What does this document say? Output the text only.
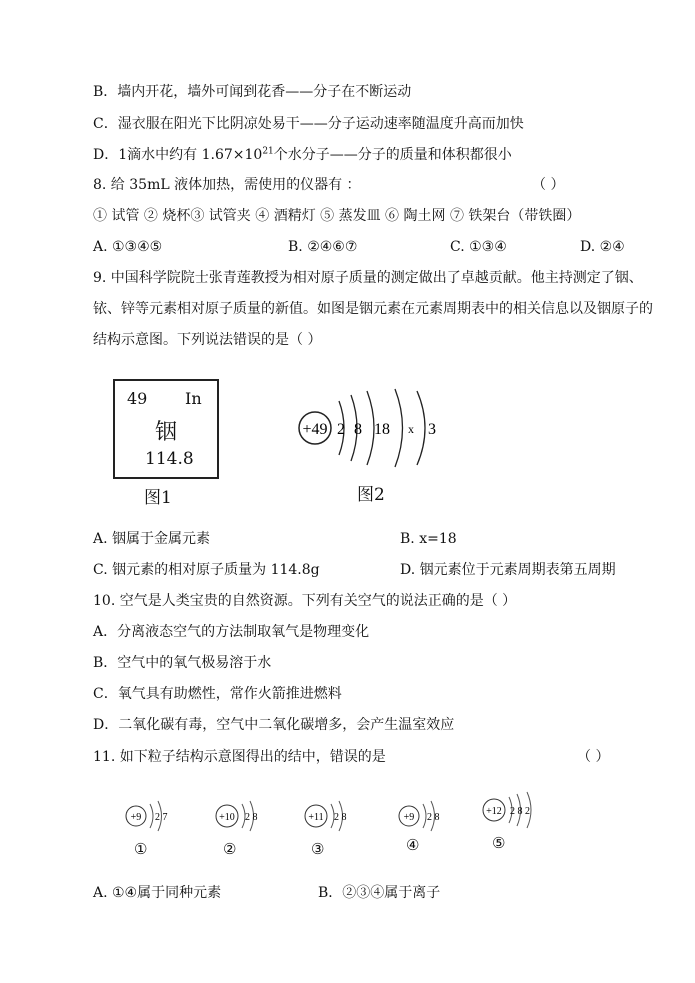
B．墙内开花，墙外可闻到花香——分子在不断运动
C．湿衣服在阳光下比阴凉处易干——分子运动速率随温度升高而加快
D．1滴水中约有 $1.67\times 10^{21}$个水分子——分子的质量和体积都很小
8. 给 35mL 液体加热，需使用的仪器有 ：	（ ）
① 试管 ② 烧杯③ 试管夹 ④ 酒精灯 ⑤ 蒸发皿 ⑥ 陶土网 ⑦ 铁架台（带铁圈）
A. ①③④⑤	B. ②④⑥⑦	C. ①③④	D. ②④
9. 中国科学院院士张青莲教授为相对原子质量的测定做出了卓越贡献。他主持测定了铟、
铱、锌等元素相对原子质量的新值。如图是铟元素在元素周期表中的相关信息以及铟原子的
结构示意图。下列说法错误的是（ ）
49 In
铟
114.8
图1
+49 2 8 18 x 3
图2
A. 铟属于金属元素	B. x=18
C. 铟元素的相对原子质量为 114.8g	D. 铟元素位于元素周期表第五周期
10. 空气是人类宝贵的自然资源。下列有关空气的说法正确的是（ ）
A．分离液态空气的方法制取氧气是物理变化
B．空气中的氧气极易溶于水
C．氧气具有助燃性，常作火箭推进燃料
D．二氧化碳有毒，空气中二氧化碳增多，会产生温室效应
11. 如下粒子结构示意图得出的结中，错误的是	（ ）
+9 2 7
①
+10 2 8
②
+11 2 8
③
+9 2 8
④
+12 2 8 2
⑤
A. ①④属于同种元素	B．②③④属于离子
